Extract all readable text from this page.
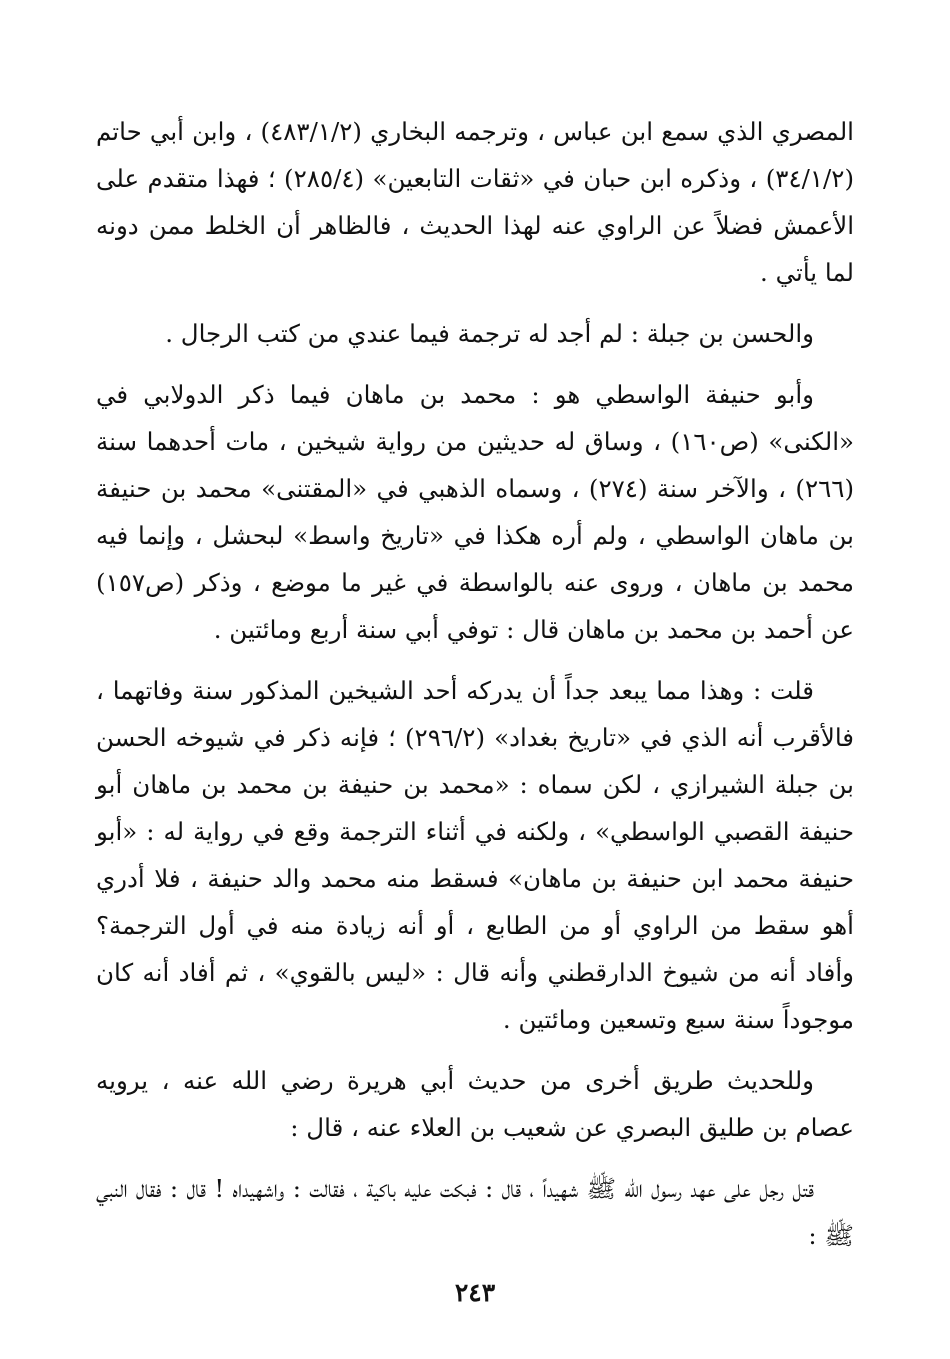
المصري الذي سمع ابن عباس ، وترجمه البخاري (٤٨٣/١/٢) ، وابن أبي حاتم (٣٤/١/٢) ، وذكره ابن حبان في «ثقات التابعين» (٢٨٥/٤) ؛ فهذا متقدم على الأعمش فضلاً عن الراوي عنه لهذا الحديث ، فالظاهر أن الخلط ممن دونه لما يأتي .

والحسن بن جبلة : لم أجد له ترجمة فيما عندي من كتب الرجال .

وأبو حنيفة الواسطي هو : محمد بن ماهان فيما ذكر الدولابي في «الكنى» (ص١٦٠) ، وساق له حديثين من رواية شيخين ، مات أحدهما سنة (٢٦٦) ، والآخر سنة (٢٧٤) ، وسماه الذهبي في «المقتنى» محمد بن حنيفة بن ماهان الواسطي ، ولم أره هكذا في «تاريخ واسط» لبحشل ، وإنما فيه محمد بن ماهان ، وروى عنه بالواسطة في غير ما موضع ، وذكر (ص١٥٧) عن أحمد بن محمد بن ماهان قال : توفي أبي سنة أربع ومائتين .

قلت : وهذا مما يبعد جداً أن يدركه أحد الشيخين المذكور سنة وفاتهما ، فالأقرب أنه الذي في «تاريخ بغداد» (٢٩٦/٢) ؛ فإنه ذكر في شيوخه الحسن بن جبلة الشيرازي ، لكن سماه : «محمد بن حنيفة بن محمد بن ماهان أبو حنيفة القصبي الواسطي» ، ولكنه في أثناء الترجمة وقع في رواية له : «أبو حنيفة محمد ابن حنيفة بن ماهان» فسقط منه محمد والد حنيفة ، فلا أدري أهو سقط من الراوي أو من الطابع ، أو أنه زيادة منه في أول الترجمة؟ وأفاد أنه من شيوخ الدارقطني وأنه قال : «ليس بالقوي» ، ثم أفاد أنه كان موجوداً سنة سبع وتسعين ومائتين .

وللحديث طريق أخرى من حديث أبي هريرة رضي الله عنه ، يرويه عصام بن طليق البصري عن شعيب بن العلاء عنه ، قال :

قتل رجل على عهد رسول الله ﷺ شهيداً ، قال : فبكت عليه باكية ، فقالت : واشهيداه ! قال : فقال النبي ﷺ :

٢٤٣
